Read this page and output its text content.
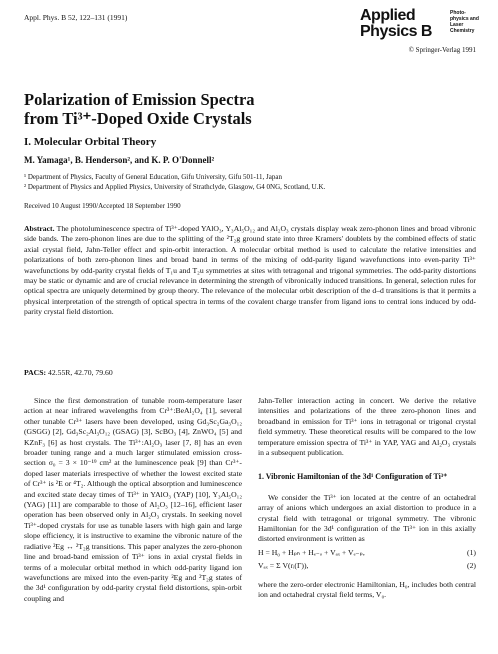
Appl. Phys. B 52, 122–131 (1991)	Applied
Physics B
Photo-physics and Laser Chemistry
© Springer-Verlag 1991
Polarization of Emission Spectra
from Ti³⁺-Doped Oxide Crystals
I. Molecular Orbital Theory
M. Yamaga¹, B. Henderson², and K. P. O'Donnell²
¹ Department of Physics, Faculty of General Education, Gifu University, Gifu 501-11, Japan
² Department of Physics and Applied Physics, University of Strathclyde, Glasgow, G4 0NG, Scotland, U.K.
Received 10 August 1990/Accepted 18 September 1990
Abstract. The photoluminescence spectra of Ti³⁺-doped YAlO₃, Y₃Al₅O₁₂ and Al₂O₃ crystals display weak zero-phonon lines and broad vibronic side bands. The zero-phonon lines are due to the splitting of the ²T₂g ground state into three Kramers' doublets by the combined effects of static axial crystal field, Jahn-Teller effect and spin-orbit interaction. A molecular orbital method is used to calculate the relative intensities and polarizations of both zero-phonon lines and broad band in terms of the mixing of odd-parity ligand wavefunctions into even-parity Ti³⁺ wavefunctions by odd-parity crystal fields of T₁u and T₂u symmetries at sites with tetragonal and trigonal symmetries. The odd-parity distortions may be static or dynamic and are of crucial relevance in determining the strength of vibronically induced transitions. In general, selection rules for optical spectra are uniquely determined by group theory. The relevance of the molecular orbit description of the d–d transitions is that it permits a physical interpretation of the strength of optical spectra in terms of the covalent charge transfer from ligand ions to central ions induced by odd-parity crystal field distortion.
PACS: 42.55R, 42.70, 79.60

Since the first demonstration of tunable room-temperature laser action at near infrared wavelengths from Cr³⁺:BeAl₂O₄ [1], several other tunable Cr³⁺ lasers have been developed, using Gd₃Sc₂Ga₃O₁₂ (GSGG) [2], Gd₃Sc₂Al₃O₁₂ (GSAG) [3], ScBO₃ [4], ZnWO₄ [5] and KZnF₃ [6] as host crystals. The Ti³⁺:Al₂O₃ laser [7, 8] has an even broader tuning range and a much larger stimulated emission cross-section σ₀ = 3 × 10⁻¹⁹ cm² at the luminescence peak [9] than Cr³⁺-doped laser materials irrespective of whether the lowest excited state of Cr³⁺ is ²E or ⁴T₂. Although the optical absorption and luminescence and excited state decay times of Ti³⁺ in YAlO₃ (YAP) [10], Y₃Al₅O₁₂ (YAG) [11] are comparable to those of Al₂O₃ [12–16], efficient laser operation has been observed only in Al₂O₃ crystals. In seeking novel Ti³⁺-doped crystals for use as tunable lasers with high gain and large slope efficiency, it is instructive to examine the vibronic nature of the radiative ²Eg ↔ ²T₂g transitions. This paper analyzes the zero-phonon line and broad-band emission of Ti³⁺ ions in axial crystal fields in terms of a molecular orbital method in which odd-parity ligand ion wavefunctions are mixed into the even-parity ²Eg and ²T₂g states of the 3d¹ configuration by odd-parity crystal field distortions, spin-orbit coupling and

Jahn-Teller interaction acting in concert. We derive the relative intensities and polarizations of the three zero-phonon lines and broadband in emission for Ti³⁺ ions in tetragonal or trigonal crystal field symmetry. These theoretical results will be compared to the low temperature emission spectra of Ti³⁺ in YAP, YAG and Al₂O₃ crystals in a subsequent publication.

1. Vibronic Hamiltonian of the 3d¹ Configuration of Ti³⁺

We consider the Ti³⁺ ion located at the centre of an octahedral array of anions which undergoes an axial distortion to produce in a crystal field with tetragonal or trigonal symmetry. The vibronic Hamiltonian for the 3d¹ configuration of the Ti³⁺ ion in this axially distorted environment is written as

H = H₀ + Hₚₕ + Hₑ₋ₒ + Vₐₓ + Vₑ₋ₚ,	(1)
Vₐₓ = Σ V(rᵢ(Γ)),	(2)

where the zero-order electronic Hamiltonian, H₀, includes both central ion and octahedral crystal field terms, V₀.
